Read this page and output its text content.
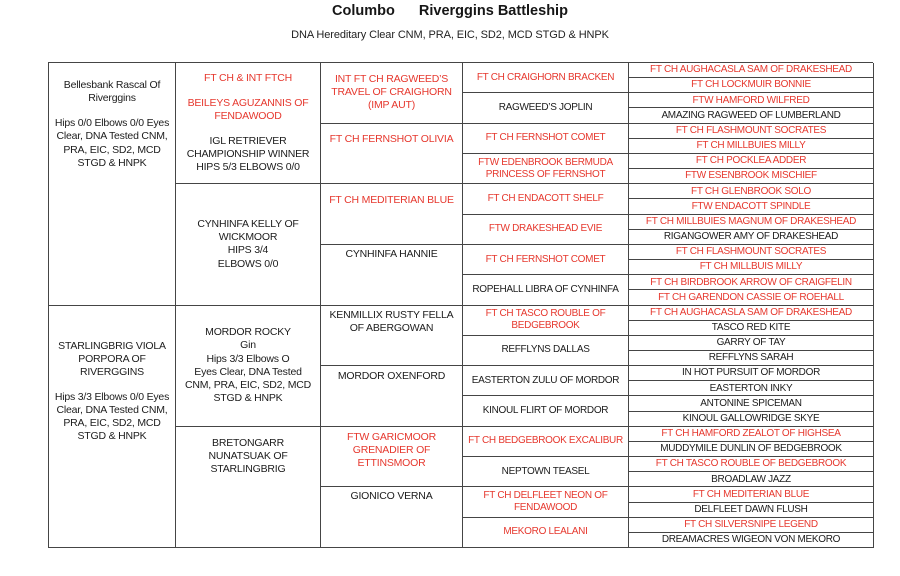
Columbo Riverggins Battleship
DNA Hereditary Clear CNM, PRA, EIC, SD2, MCD STGD & HNPK
Bellesbank Rascal Of Riverggins
Hips 0/0 Elbows 0/0 Eyes Clear, DNA Tested CNM, PRA, EIC, SD2, MCD STGD & HNPK
STARLINGBRIG VIOLA PORPORA OF RIVERGGINS
Hips 3/3 Elbows 0/0 Eyes Clear, DNA Tested CNM, PRA, EIC, SD2, MCD STGD & HNPK
FT CH & INT FTCH
BEILEYS AGUZANNIS OF FENDAWOOD
IGL RETRIEVER CHAMPIONSHIP WINNER HIPS 5/3 ELBOWS 0/0
CYNHINFA KELLY OF WICKMOOR
HIPS 3/4
ELBOWS 0/0
MORDOR ROCKY
Gin
Hips 3/3 Elbows O
Eyes Clear, DNA Tested CNM, PRA, EIC, SD2, MCD STGD & HNPK
BRETONGARR NUNATSUAK OF STARLINGBRIG
INT FT CH RAGWEED’S TRAVEL OF CRAIGHORN (IMP AUT)
FT CH FERNSHOT OLIVIA
FT CH MEDITERIAN BLUE
CYNHINFA HANNIE
KENMILLIX RUSTY FELLA OF ABERGOWAN
MORDOR OXENFORD
FTW GARICMOOR GRENADIER OF ETTINSMOOR
GIONICO VERNA
FT CH CRAIGHORN BRACKEN
RAGWEED’S JOPLIN
FT CH FERNSHOT COMET
FTW EDENBROOK BERMUDA PRINCESS OF FERNSHOT
FT CH ENDACOTT SHELF
FTW DRAKESHEAD EVIE
FT CH FERNSHOT COMET
ROPEHALL LIBRA OF CYNHINFA
FT CH TASCO ROUBLE OF BEDGEBROOK
REFFLYNS DALLAS
EASTERTON ZULU OF MORDOR
KINOUL FLIRT OF MORDOR
FT CH BEDGEBROOK EXCALIBUR
NEPTOWN TEASEL
FT CH DELFLEET NEON OF FENDAWOOD
MEKORO LEALANI
FT CH AUGHACASLA SAM OF DRAKESHEAD
FT CH LOCKMUIR BONNIE
FTW HAMFORD WILFRED
AMAZING RAGWEED OF LUMBERLAND
FT CH FLASHMOUNT SOCRATES
FT CH MILLBUIES MILLY
FT CH POCKLEA ADDER
FTW ESENBROOK MISCHIEF
FT CH GLENBROOK SOLO
FTW ENDACOTT SPINDLE
FT CH MILLBUIES MAGNUM OF DRAKESHEAD
RIGANGOWER AMY OF DRAKESHEAD
FT CH FLASHMOUNT SOCRATES
FT CH MILLBUIS MILLY
FT CH BIRDBROOK ARROW OF CRAIGFELIN
FT CH GARENDON CASSIE OF ROEHALL
FT CH AUGHACASLA SAM OF DRAKESHEAD
TASCO RED KITE
GARRY OF TAY
REFFLYNS SARAH
IN HOT PURSUIT OF MORDOR
EASTERTON INKY
ANTONINE SPICEMAN
KINOUL GALLOWRIDGE SKYE
FT CH HAMFORD ZEALOT OF HIGHSEA
MUDDYMILE DUNLIN OF BEDGEBROOK
FT CH TASCO ROUBLE OF BEDGEBROOK
BROADLAW JAZZ
FT CH MEDITERIAN BLUE
DELFLEET DAWN FLUSH
FT CH SILVERSNIPE LEGEND
DREAMACRES WIGEON VON MEKORO
